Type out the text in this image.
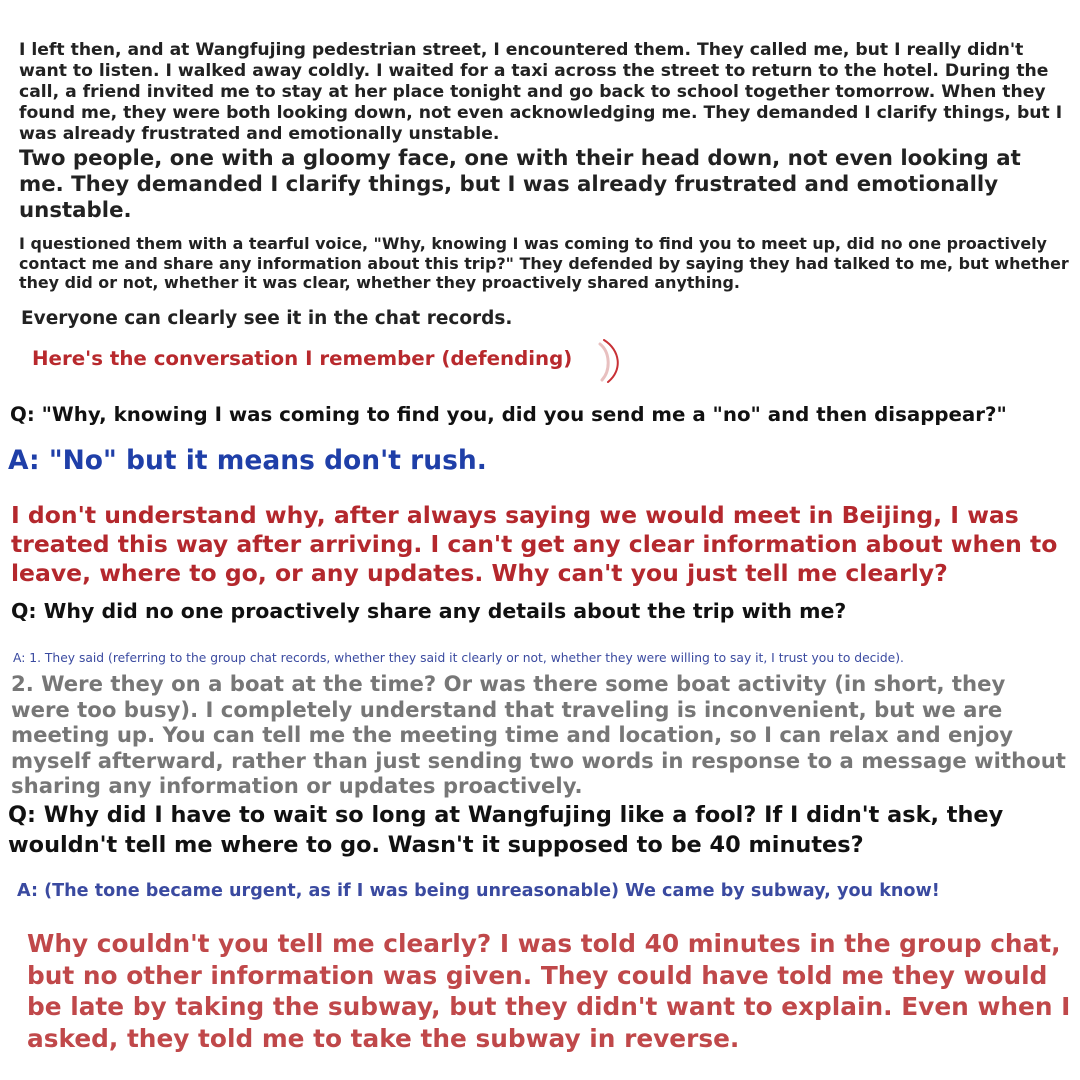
I left then, and at Wangfujing pedestrian street, I encountered them. They called me, but I really didn't want to listen. I walked away coldly. I waited for a taxi across the street to return to the hotel. During the call, a friend invited me to stay at her place tonight and go back to school together tomorrow. When they found me, they were both looking down, not even acknowledging me. They demanded I clarify things, but I was already frustrated and emotionally unstable.

Two people, one with a gloomy face, one with their head down, not even looking at me. They demanded I clarify things, but I was already frustrated and emotionally unstable.

I questioned them with a tearful voice, "Why, knowing I was coming to find you to meet up, did no one proactively contact me and share any information about this trip?" They defended by saying they had talked to me, but whether they did or not, whether it was clear, whether they proactively shared anything.

Everyone can clearly see it in the chat records.

Here's the conversation I remember (defending)

Q: "Why, knowing I was coming to find you, did you send me a "no" and then disappear?"

A: "No" but it means don't rush.

I don't understand why, after always saying we would meet in Beijing, I was treated this way after arriving. I can't get any clear information about when to leave, where to go, or any updates. Why can't you just tell me clearly?

Q: Why did no one proactively share any details about the trip with me?

A: 1. They said (referring to the group chat records, whether they said it clearly or not, whether they were willing to say it, I trust you to decide).

2. Were they on a boat at the time? Or was there some boat activity (in short, they were too busy). I completely understand that traveling is inconvenient, but we are meeting up. You can tell me the meeting time and location, so I can relax and enjoy myself afterward, rather than just sending two words in response to a message without sharing any information or updates proactively.

Q: Why did I have to wait so long at Wangfujing like a fool? If I didn't ask, they wouldn't tell me where to go. Wasn't it supposed to be 40 minutes?

A: (The tone became urgent, as if I was being unreasonable) We came by subway, you know!

Why couldn't you tell me clearly? I was told 40 minutes in the group chat, but no other information was given. They could have told me they would be late by taking the subway, but they didn't want to explain. Even when I asked, they told me to take the subway in reverse.
